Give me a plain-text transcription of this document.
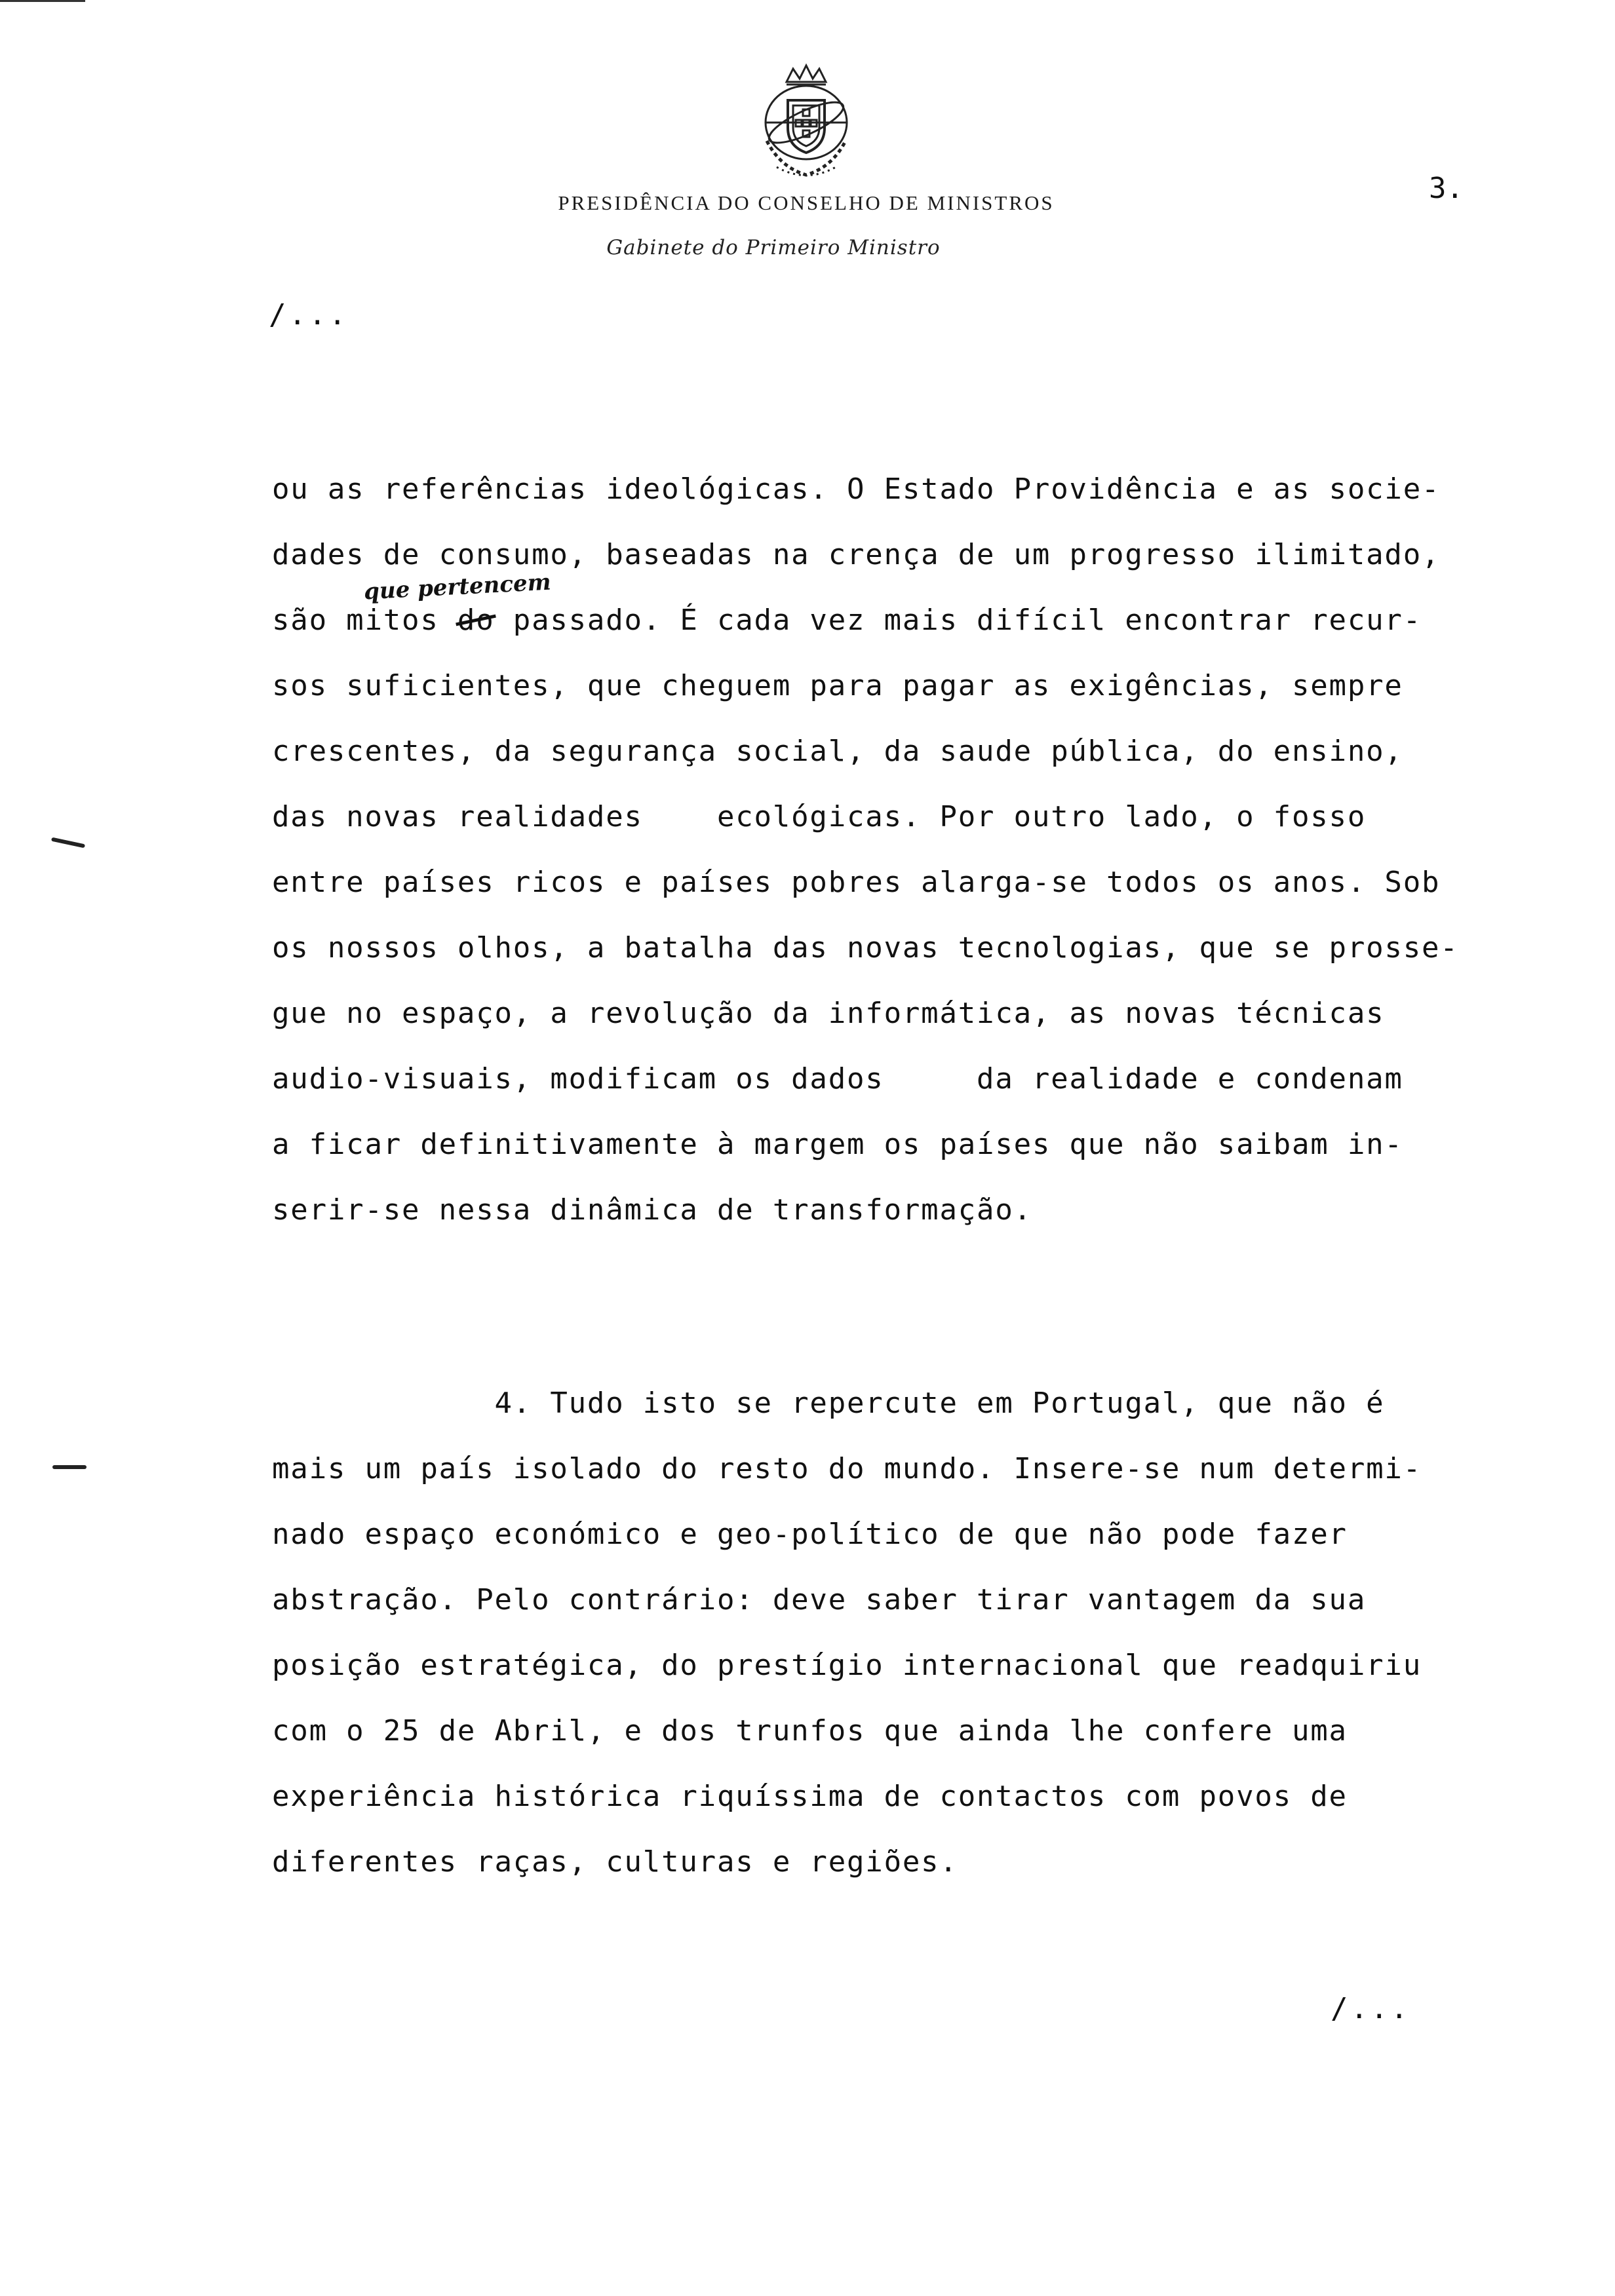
PRESIDÊNCIA DO CONSELHO DE MINISTROS
Gabinete do Primeiro Ministro
3.
/...
que pertencem
ou as referências ideológicas. O Estado Providência e as socie-
dades de consumo, baseadas na crença de um progresso ilimitado,
são mitos do passado. É cada vez mais difícil encontrar recur-
sos suficientes, que cheguem para pagar as exigências, sempre
crescentes, da segurança social, da saude pública, do ensino,
das novas realidades    ecológicas. Por outro lado, o fosso
entre países ricos e países pobres alarga-se todos os anos. Sob
os nossos olhos, a batalha das novas tecnologias, que se prosse-
gue no espaço, a revolução da informática, as novas técnicas
audio-visuais, modificam os dados     da realidade e condenam
a ficar definitivamente à margem os países que não saibam in-
serir-se nessa dinâmica de transformação.
4. Tudo isto se repercute em Portugal, que não é
mais um país isolado do resto do mundo. Insere-se num determi-
nado espaço económico e geo-político de que não pode fazer
abstração. Pelo contrário: deve saber tirar vantagem da sua
posição estratégica, do prestígio internacional que readquiriu
com o 25 de Abril, e dos trunfos que ainda lhe confere uma
experiência histórica riquíssima de contactos com povos de
diferentes raças, culturas e regiões.
/...
